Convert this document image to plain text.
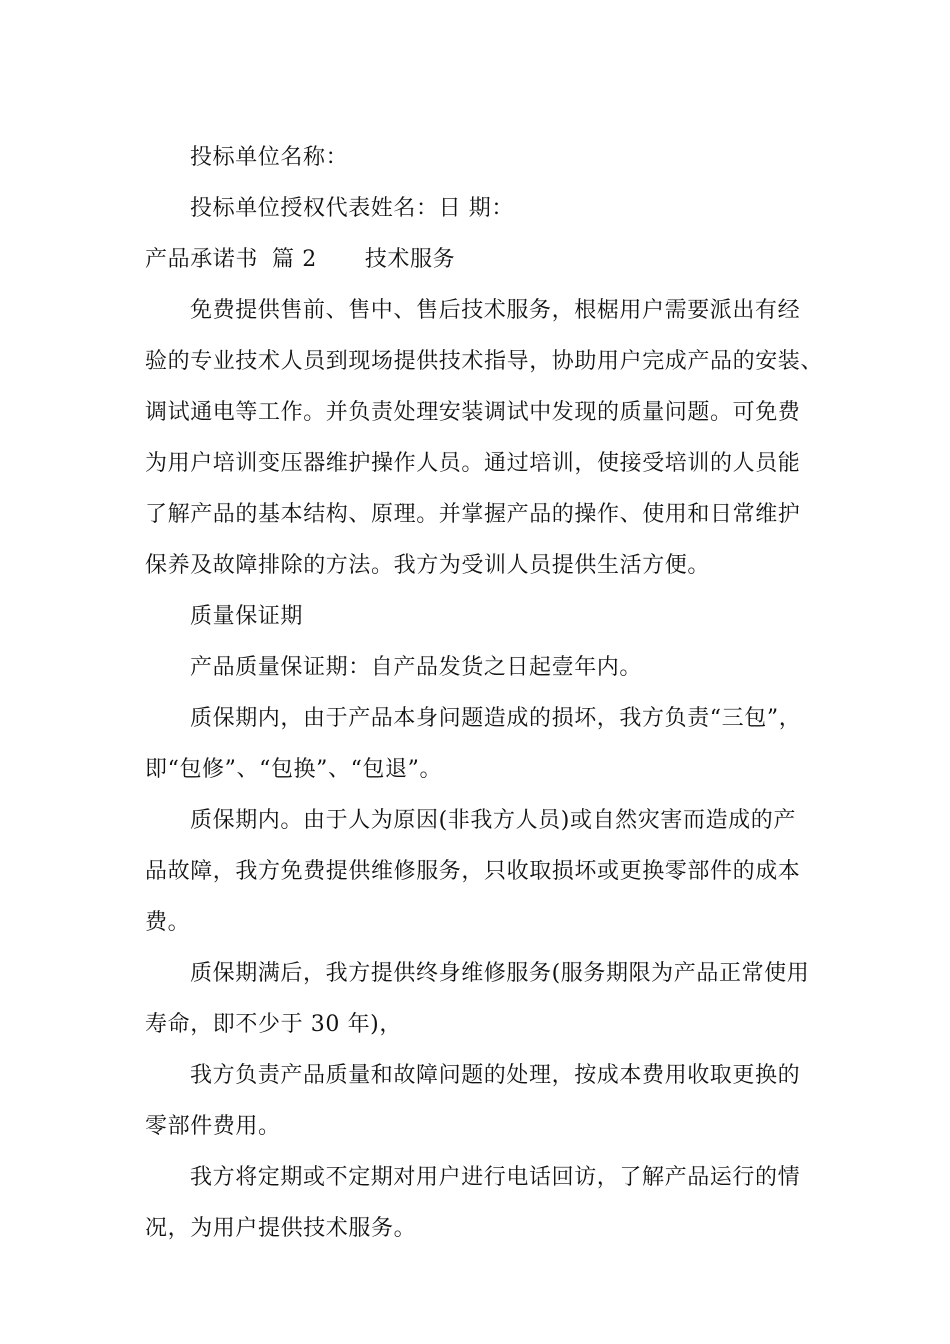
投标单位名称：
投标单位授权代表姓名：日 期：
产品承诺书 篇 2 技术服务
免费提供售前、售中、售后技术服务，根椐用户需要派出有经
验的专业技术人员到现场提供技术指导，协助用户完成产品的安装、
调试通电等工作。并负责处理安装调试中发现的质量问题。可免费
为用户培训变压器维护操作人员。通过培训，使接受培训的人员能
了解产品的基本结构、原理。并掌握产品的操作、使用和日常维护
保养及故障排除的方法。我方为受训人员提供生活方便。
质量保证期
产品质量保证期：自产品发货之日起壹年内。
质保期内，由于产品本身问题造成的损坏，我方负责“三包”，
即“包修”、“包换”、“包退”。
质保期内。由于人为原因(非我方人员)或自然灾害而造成的产
品故障，我方免费提供维修服务，只收取损坏或更换零部件的成本
费。
质保期满后，我方提供终身维修服务(服务期限为产品正常使用
寿命，即不少于 30 年)，
我方负责产品质量和故障问题的处理，按成本费用收取更换的
零部件费用。
我方将定期或不定期对用户进行电话回访，了解产品运行的情
况，为用户提供技术服务。
